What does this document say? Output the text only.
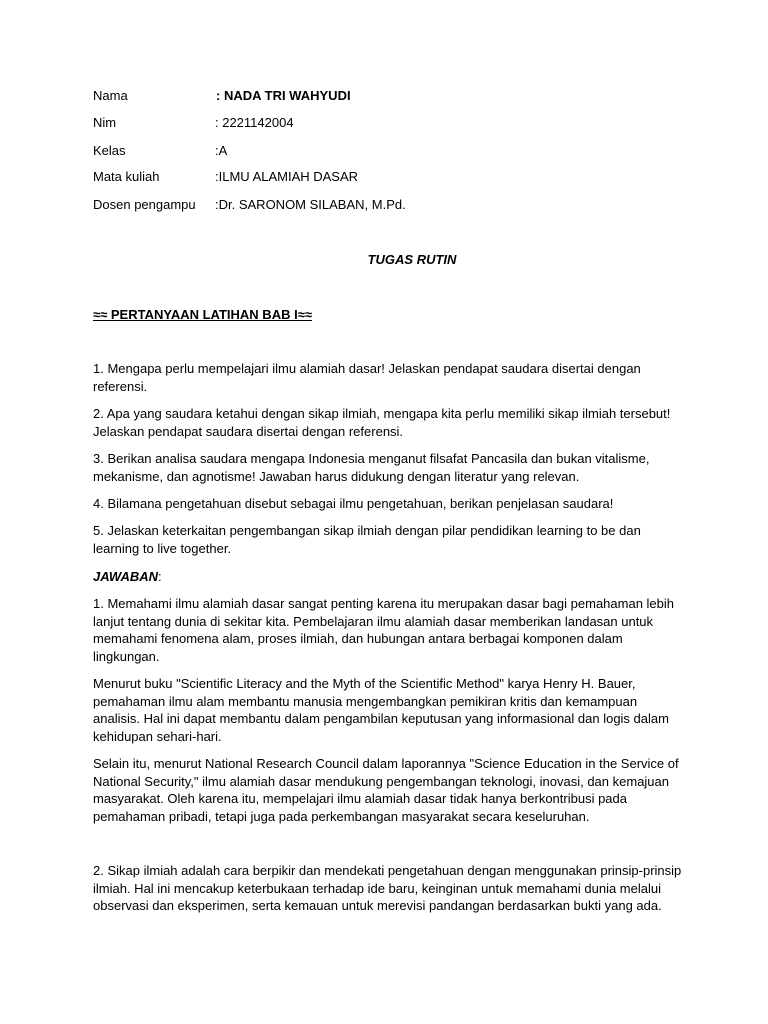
Nama	: NADA TRI WAHYUDI
Nim	: 2221142004
Kelas	:A
Mata kuliah	:ILMU ALAMIAH DASAR
Dosen pengampu :Dr. SARONOM SILABAN, M.Pd.
TUGAS RUTIN
≈≈ PERTANYAAN LATIHAN BAB I≈≈

1. Mengapa perlu mempelajari ilmu alamiah dasar! Jelaskan pendapat saudara disertai dengan referensi.

2. Apa yang saudara ketahui dengan sikap ilmiah, mengapa kita perlu memiliki sikap ilmiah tersebut! Jelaskan pendapat saudara disertai dengan referensi.

3. Berikan analisa saudara mengapa Indonesia menganut filsafat Pancasila dan bukan vitalisme, mekanisme, dan agnotisme! Jawaban harus didukung dengan literatur yang relevan.

4. Bilamana pengetahuan disebut sebagai ilmu pengetahuan, berikan penjelasan saudara!

5. Jelaskan keterkaitan pengembangan sikap ilmiah dengan pilar pendidikan learning to be dan learning to live together.

JAWABAN:

1. Memahami ilmu alamiah dasar sangat penting karena itu merupakan dasar bagi pemahaman lebih lanjut tentang dunia di sekitar kita. Pembelajaran ilmu alamiah dasar memberikan landasan untuk memahami fenomena alam, proses ilmiah, dan hubungan antara berbagai komponen dalam lingkungan.

Menurut buku "Scientific Literacy and the Myth of the Scientific Method" karya Henry H. Bauer, pemahaman ilmu alam membantu manusia mengembangkan pemikiran kritis dan kemampuan analisis. Hal ini dapat membantu dalam pengambilan keputusan yang informasional dan logis dalam kehidupan sehari-hari.

Selain itu, menurut National Research Council dalam laporannya "Science Education in the Service of National Security," ilmu alamiah dasar mendukung pengembangan teknologi, inovasi, dan kemajuan masyarakat. Oleh karena itu, mempelajari ilmu alamiah dasar tidak hanya berkontribusi pada pemahaman pribadi, tetapi juga pada perkembangan masyarakat secara keseluruhan.

2. Sikap ilmiah adalah cara berpikir dan mendekati pengetahuan dengan menggunakan prinsip-prinsip ilmiah. Hal ini mencakup keterbukaan terhadap ide baru, keinginan untuk memahami dunia melalui observasi dan eksperimen, serta kemauan untuk merevisi pandangan berdasarkan bukti yang ada.
